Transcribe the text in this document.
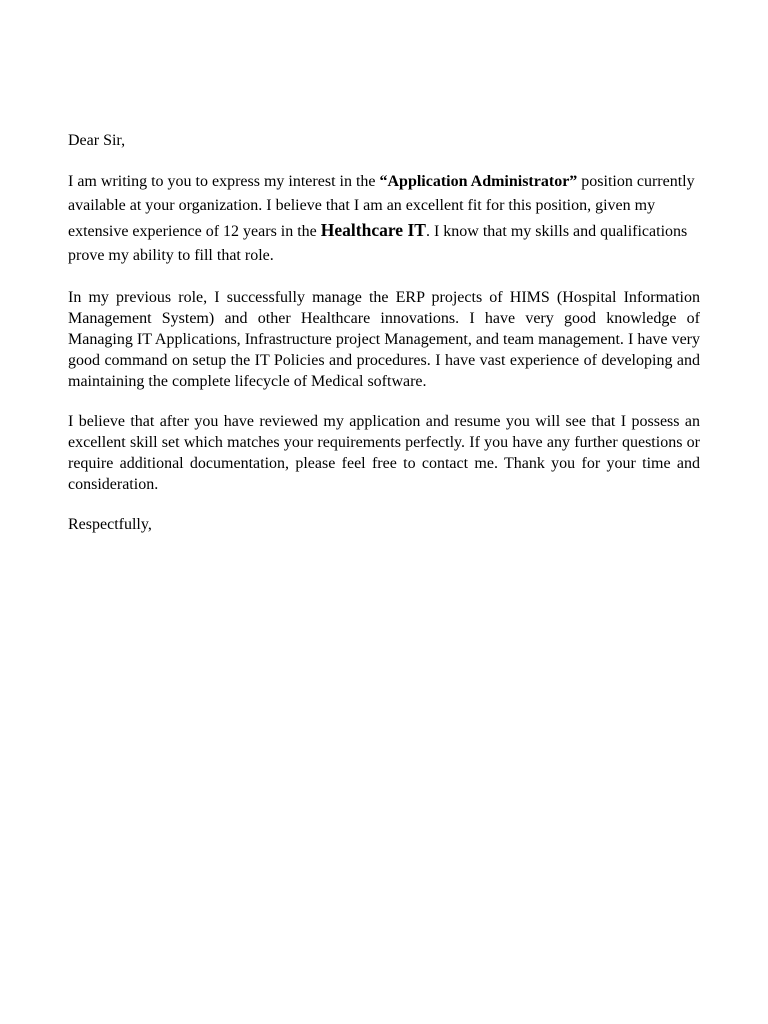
Dear Sir,

I am writing to you to express my interest in the “Application Administrator” position currently available at your organization. I believe that I am an excellent fit for this position, given my extensive experience of 12 years in the Healthcare IT. I know that my skills and qualifications prove my ability to fill that role.

In my previous role, I successfully manage the ERP projects of HIMS (Hospital Information Management System) and other Healthcare innovations. I have very good knowledge of Managing IT Applications, Infrastructure project Management, and team management. I have very good command on setup the IT Policies and procedures. I have vast experience of developing and maintaining the complete lifecycle of Medical software.

I believe that after you have reviewed my application and resume you will see that I possess an excellent skill set which matches your requirements perfectly. If you have any further questions or require additional documentation, please feel free to contact me. Thank you for your time and consideration.

Respectfully,
